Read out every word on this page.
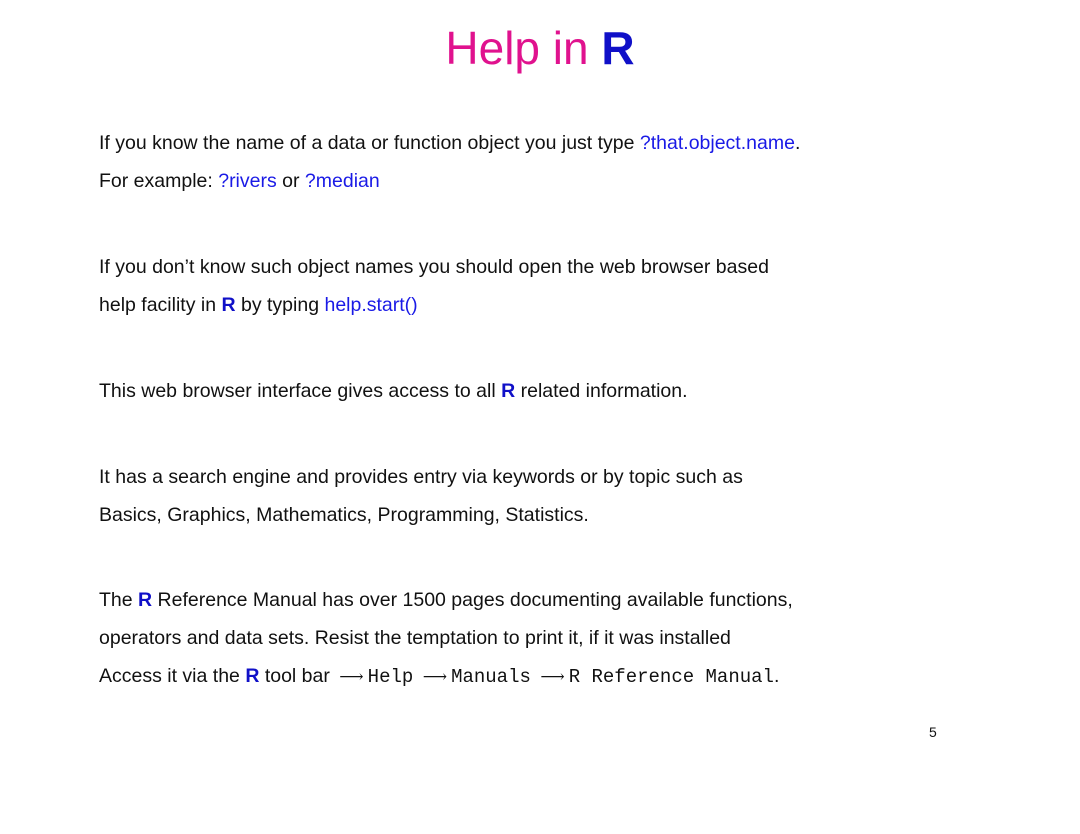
Help in R
If you know the name of a data or function object you just type ?that.object.name.
For example: ?rivers or ?median
If you don’t know such object names you should open the web browser based
help facility in R by typing help.start()
This web browser interface gives access to all R related information.
It has a search engine and provides entry via keywords or by topic such as
Basics, Graphics, Mathematics, Programming, Statistics.
The R Reference Manual has over 1500 pages documenting available functions,
operators and data sets. Resist the temptation to print it, if it was installed
Access it via the R tool bar ⟶ Help ⟶ Manuals ⟶ R Reference Manual.
5
